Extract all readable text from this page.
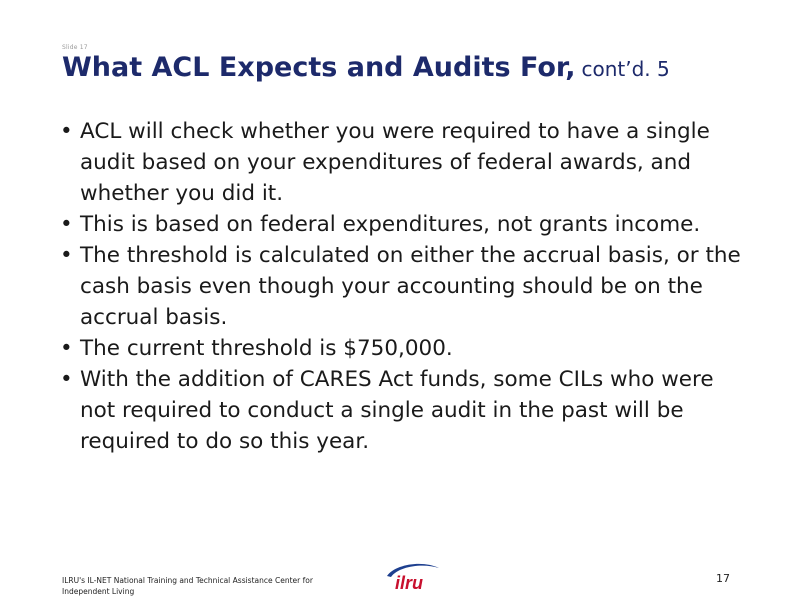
Slide 17
What ACL Expects and Audits For, cont’d. 5
• ACL will check whether you were required to have a single audit based on your expenditures of federal awards, and whether you did it.
• This is based on federal expenditures, not grants income.
• The threshold is calculated on either the accrual basis, or the cash basis even though your accounting should be on the accrual basis.
• The current threshold is $750,000.
• With the addition of CARES Act funds, some CILs who were not required to conduct a single audit in the past will be required to do so this year.
ILRU's IL-NET National Training and Technical Assistance Center for
Independent Living	ilru	17
